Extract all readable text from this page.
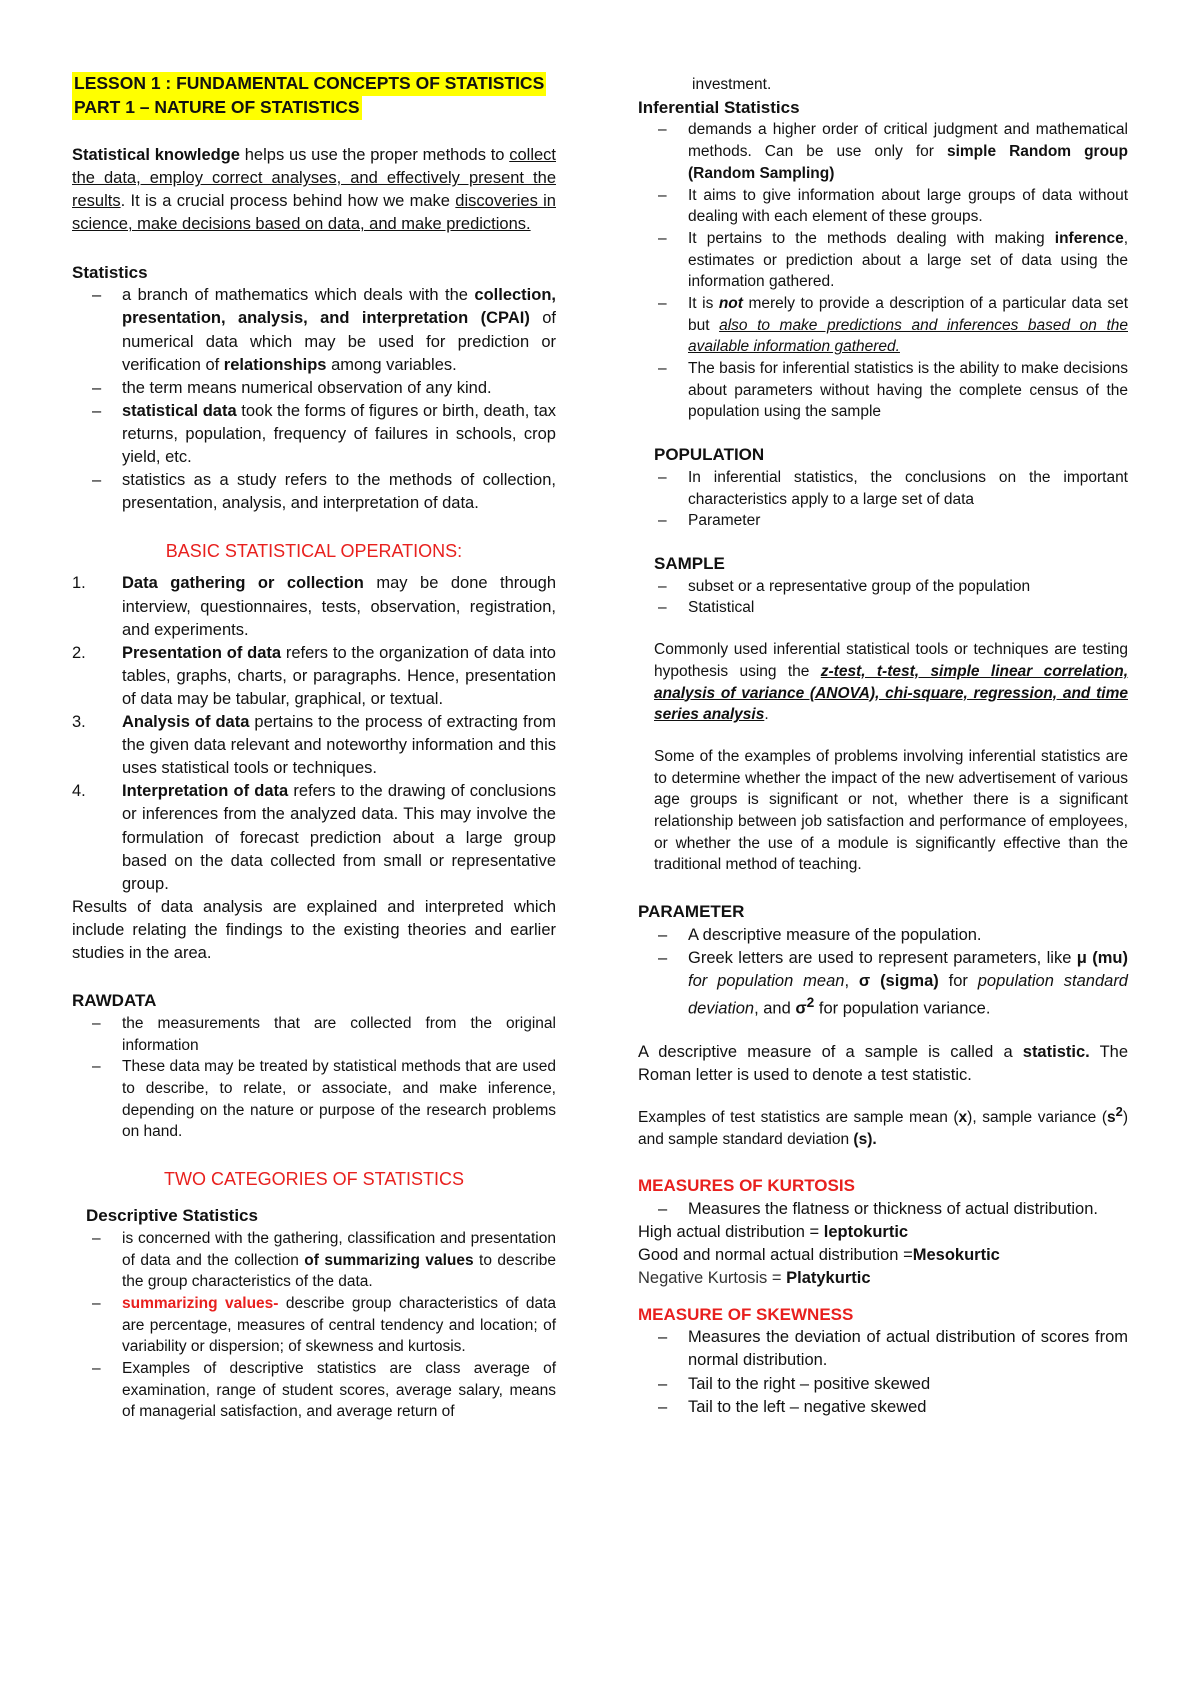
LESSON 1 : FUNDAMENTAL CONCEPTS OF STATISTICS
PART 1 – NATURE OF STATISTICS

Statistical knowledge helps us use the proper methods to collect the data, employ correct analyses, and effectively present the results. It is a crucial process behind how we make discoveries in science, make decisions based on data, and make predictions.

Statistics
– a branch of mathematics which deals with the collection, presentation, analysis, and interpretation (CPAI) of numerical data which may be used for prediction or verification of relationships among variables.
– the term means numerical observation of any kind.
– statistical data took the forms of figures or birth, death, tax returns, population, frequency of failures in schools, crop yield, etc.
– statistics as a study refers to the methods of collection, presentation, analysis, and interpretation of data.
BASIC STATISTICAL OPERATIONS:
1.	Data gathering or collection may be done through interview, questionnaires, tests, observation, registration, and experiments.
2.	Presentation of data refers to the organization of data into tables, graphs, charts, or paragraphs. Hence, presentation of data may be tabular, graphical, or textual.
3.	Analysis of data pertains to the process of extracting from the given data relevant and noteworthy information and this uses statistical tools or techniques.
4.	Interpretation of data refers to the drawing of conclusions or inferences from the analyzed data. This may involve the formulation of forecast prediction about a large group based on the data collected from small or representative group.

Results of data analysis are explained and interpreted which include relating the findings to the existing theories and earlier studies in the area.

RAWDATA
– the measurements that are collected from the original information
– These data may be treated by statistical methods that are used to describe, to relate, or associate, and make inference, depending on the nature or purpose of the research problems on hand.
TWO CATEGORIES OF STATISTICS
Descriptive Statistics
– is concerned with the gathering, classification and presentation of data and the collection of summarizing values to describe the group characteristics of the data.
– summarizing values- describe group characteristics of data are percentage, measures of central tendency and location; of variability or dispersion; of skewness and kurtosis.
– Examples of descriptive statistics are class average of examination, range of student scores, average salary, means of managerial satisfaction, and average return of
investment.
Inferential Statistics
– demands a higher order of critical judgment and mathematical methods. Can be use only for simple Random group (Random Sampling)
– It aims to give information about large groups of data without dealing with each element of these groups.
– It pertains to the methods dealing with making inference, estimates or prediction about a large set of data using the information gathered.
– It is not merely to provide a description of a particular data set but also to make predictions and inferences based on the available information gathered.
– The basis for inferential statistics is the ability to make decisions about parameters without having the complete census of the population using the sample
POPULATION
– In inferential statistics, the conclusions on the important characteristics apply to a large set of data
– Parameter
SAMPLE
– subset or a representative group of the population
– Statistical

Commonly used inferential statistical tools or techniques are testing hypothesis using the z-test, t-test, simple linear correlation, analysis of variance (ANOVA), chi-square, regression, and time series analysis.

Some of the examples of problems involving inferential statistics are to determine whether the impact of the new advertisement of various age groups is significant or not, whether there is a significant relationship between job satisfaction and performance of employees, or whether the use of a module is significantly effective than the traditional method of teaching.

PARAMETER
– A descriptive measure of the population.
– Greek letters are used to represent parameters, like μ (mu) for population mean, σ (sigma) for population standard deviation, and $\sigma^2$ for population variance.

A descriptive measure of a sample is called a statistic. The Roman letter is used to denote a test statistic.

Examples of test statistics are sample mean (x), sample variance $(s^2)$ and sample standard deviation (s).

MEASURES OF KURTOSIS
– Measures the flatness or thickness of actual distribution.
High actual distribution = leptokurtic
Good and normal actual distribution =Mesokurtic
Negative Kurtosis = Platykurtic
MEASURE OF SKEWNESS
– Measures the deviation of actual distribution of scores from normal distribution.
– Tail to the right – positive skewed
– Tail to the left – negative skewed
